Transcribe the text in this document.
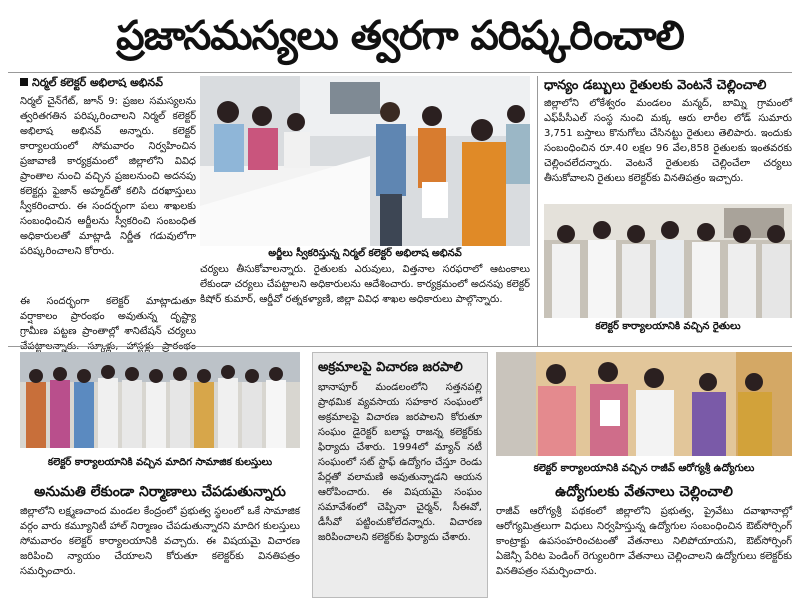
ప్రజాసమస్యలు త్వరగా పరిష్కరించాలి
నిర్మల్ కలెక్టర్ అభిలాష అభినవ్

నిర్మల్ చైన్‌గేట్, జూన్ 9: ప్రజల సమస్యలను త్వరితగతిన పరిష్కరించాలని నిర్మల్ కలెక్టర్ అభిలాష అభినవ్ అన్నారు. కలెక్టర్ కార్యాలయంలో సోమవారం నిర్వహించిన ప్రజావాణి కార్యక్రమంలో జిల్లాలోని వివిధ ప్రాంతాల నుంచి వచ్చిన ప్రజలనుంచి అదనపు కలెక్టర్లు ఫైజాన్ అహ్మద్‌తో కలిసి దరఖాస్తులు స్వీకరించారు. ఈ సందర్భంగా పలు శాఖలకు సంబంధించిన అర్జీలను స్వీకరించి సంబంధిత అధికారులతో మాట్లాడి నిర్ణీత గడువులోగా పరిష్కరించాలని కోరారు.

ఈ సందర్భంగా కలెక్టర్ మాట్లాడుతూ వర్షాకాలం ప్రారంభం అవుతున్న దృష్ట్యా గ్రామీణ పట్టణ ప్రాంతాల్లో శానిటేషన్ చర్యలు

అర్జీలు స్వీకరిస్తున్న నిర్మల్ కలెక్టర్ అభిలాష అభినవ్

చర్యలు తీసుకోవాలన్నారు. రైతులకు ఎరువులు, విత్తనాల సరఫరాలో ఆటంకాలు లేకుండా చర్యలు చేపట్టాలని అధికారులను ఆదేశించారు. కార్యక్రమంలో అదనపు కలెక్టర్ కిషోర్ కుమార్, ఆర్డీవో రత్నకళ్యాణి, జిల్లా వివిధ శాఖల అధికారులు పాల్గొన్నారు.

ధాన్యం డబ్బులు రైతులకు వెంటనే చెల్లించాలి

జిల్లాలోని లోకేశ్వరం మండలం మన్మద్, బామ్ని గ్రామంలో ఎఫ్‌పీసీఎల్ సంస్థ నుంచి మక్క ఆరు లారీల లోడ్ సుమారు 3,751 బస్తాలు కొనుగోలు చేసినట్టు రైతులు తెలిపారు. ఇందుకు సంబంధించిన రూ.40 లక్షల 96 వేల,858 రైతులకు ఇంతవరకు చెల్లించలేదన్నారు. వెంటనే రైతులకు చెల్లించేలా చర్యలు తీసుకోవాలని రైతులు కలెక్టర్‌కు వినతిపత్రం ఇచ్చారు.

కలెక్టర్ కార్యాలయానికి వచ్చిన రైతులు
కలెక్టర్ కార్యాలయానికి వచ్చిన మాదిగ సామాజిక కులస్తులు
అనుమతి లేకుండా నిర్మాణాలు చేపడుతున్నారు

జిల్లాలోని లక్ష్మణచాంద మండల కేంద్రంలో ప్రభుత్వ స్థలంలో ఒకే సామాజిక వర్గం వారు కమ్యూనిటీ హాల్ నిర్మాణం చేపడుతున్నారని మాదిగ కులస్తులు సోమవారం కలెక్టర్ కార్యాలయానికి వచ్చారు. ఈ విషయమై విచారణ జరిపించి న్యాయం చేయాలని కోరుతూ కలెక్టర్‌కు వినతిపత్రం సమర్పించారు.

అక్రమాలపై విచారణ జరపాలి

భానాపూర్ మండలంలోని సత్తనపల్లి ప్రాథమిక వ్యవసాయ సహకార సంఘంలో అక్రమాలపై విచారణ జరపాలని కోరుతూ సంఘం డైరెక్టర్ బలాష్ట రాజన్న కలెక్టర్‌కు ఫిర్యాదు చేశారు. 1994లో మ్యాన్ నటీ సంఘంలో సట్ స్టాఫ్ ఉద్యోగం చేస్తూ రెండు పేర్లతో వలామణి అవుతున్నాడని ఆయన ఆరోపించారు. ఈ విషయమై సంఘం సమావేశంలో చెప్పినా చైర్మన్, సీఈవో, డీసీవో పట్టించుకోలేదన్నారు. విచారణ జరిపించాలని కలెక్టర్‌కు ఫిర్యాదు చేశారు.

కలెక్టర్ కార్యాలయానికి వచ్చిన రాజీవ్ ఆరోగ్యశ్రీ ఉద్యోగులు
ఉద్యోగులకు వేతనాలు చెల్లించాలి

రాజీవ్ ఆరోగ్యశ్రీ పథకంలో జిల్లాలోని ప్రభుత్వ, ప్రైవేటు దవాఖానాల్లో ఆరోగ్యమిత్రలుగా విధులు నిర్వహిస్తున్న ఉద్యోగుల సంబంధించిన ఔట్‌సోర్సింగ్ కాంట్రాక్టు ఉపసంహరించటంతో వేతనాలు నిలిపోయాయని, ఔట్‌సోర్సింగ్ ఏజెన్సీ పేరిట పెండింగ్ రెగ్యులరిగా వేతనాలు చెల్లించాలని ఉద్యోగులు కలెక్టర్‌కు వినతిపత్రం సమర్పించారు.
